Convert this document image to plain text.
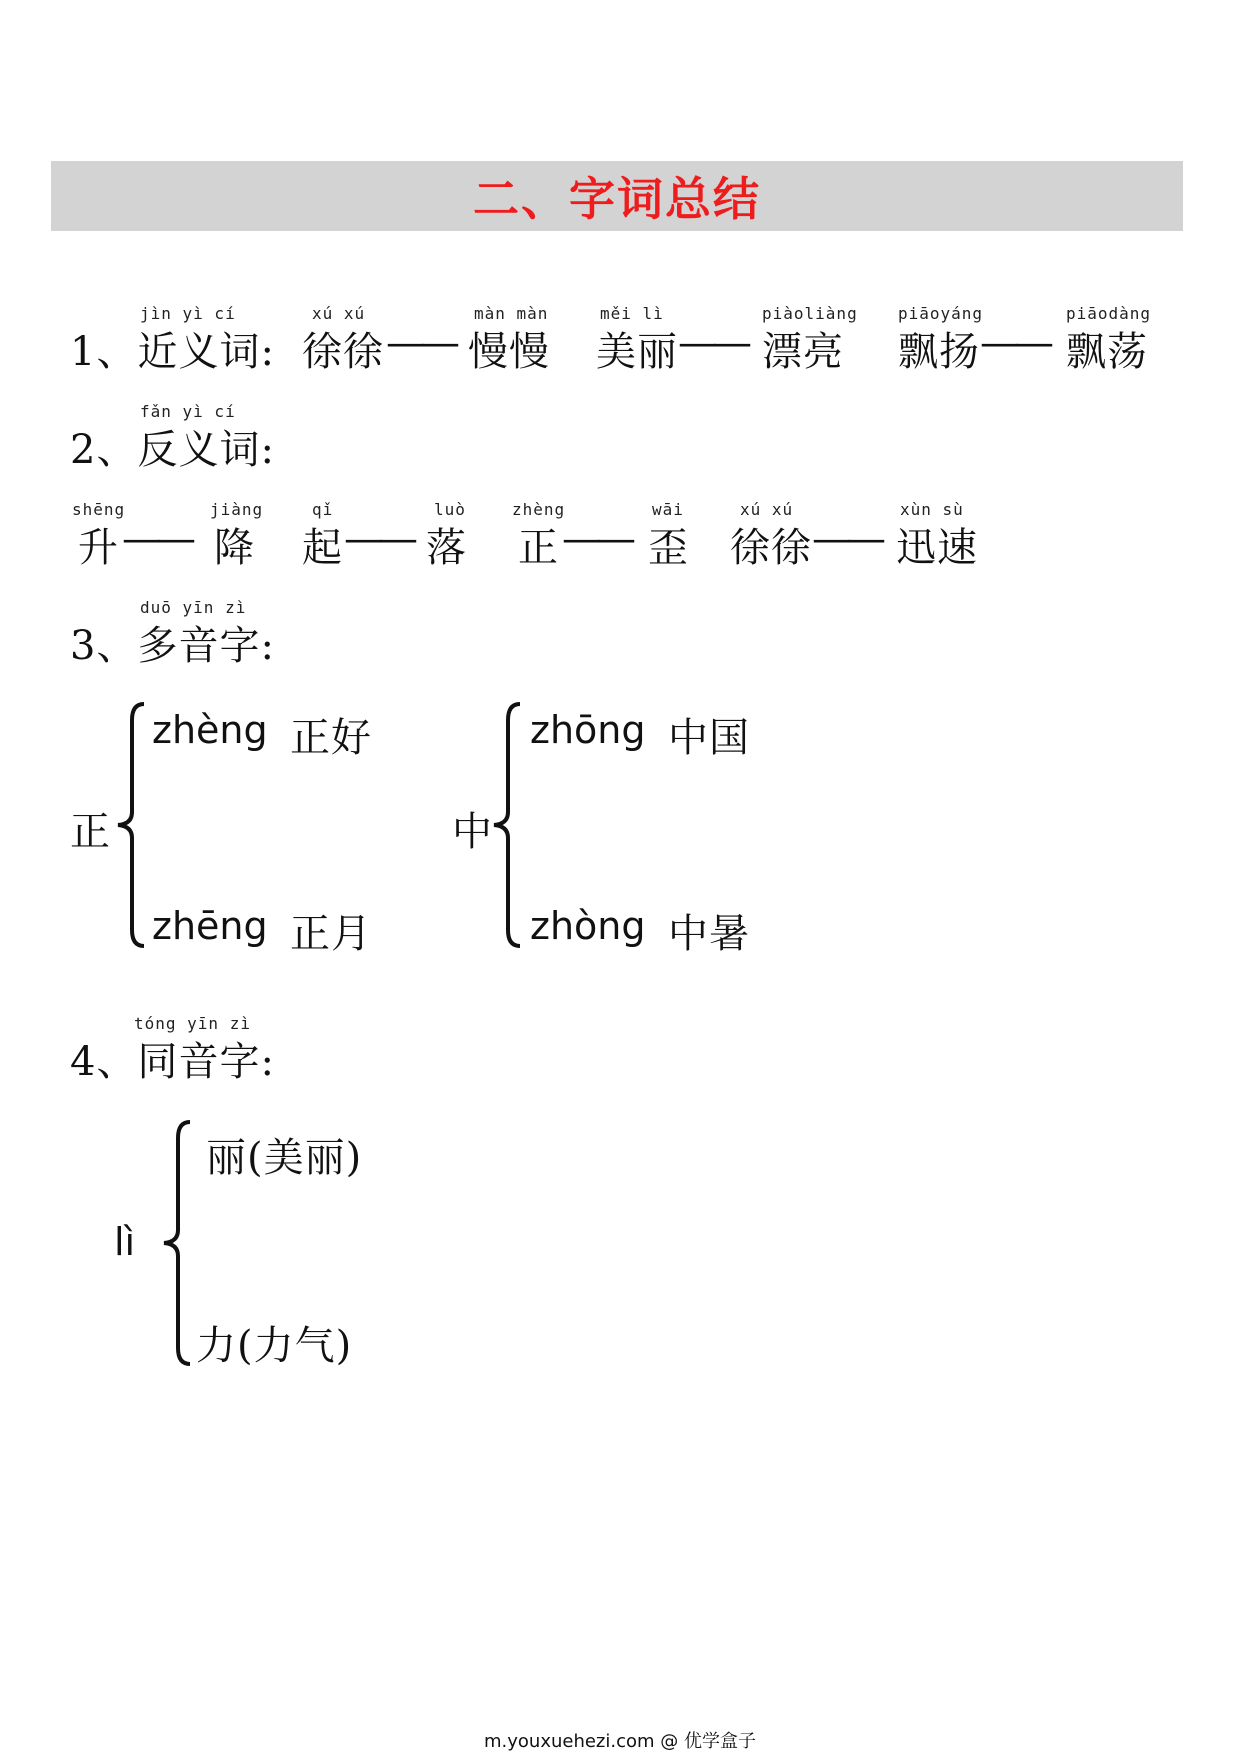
二、字词总结
jìn yì cí
1、近义词:
xú xú
徐徐 ——
màn màn
慢慢
měi lì
美丽 ——
piàoliàng
漂亮
piāoyáng
飘扬 ——
piāodàng
飘荡
fǎn yì cí
2、反义词:
shēng
升 ——
jiàng
降
qǐ
起 ——
luò
落
zhèng
正 ——
wāi
歪
xú xú
徐徐 ——
xùn sù
迅速
duō yīn zì
3、多音字:
正
zhèng 正好
zhēng 正月
中
zhōng 中国
zhòng 中暑
tóng yīn zì
4、同音字:
lì
丽(美丽)
力(力气)
m.youxuehezi.com @ 优学盒子
